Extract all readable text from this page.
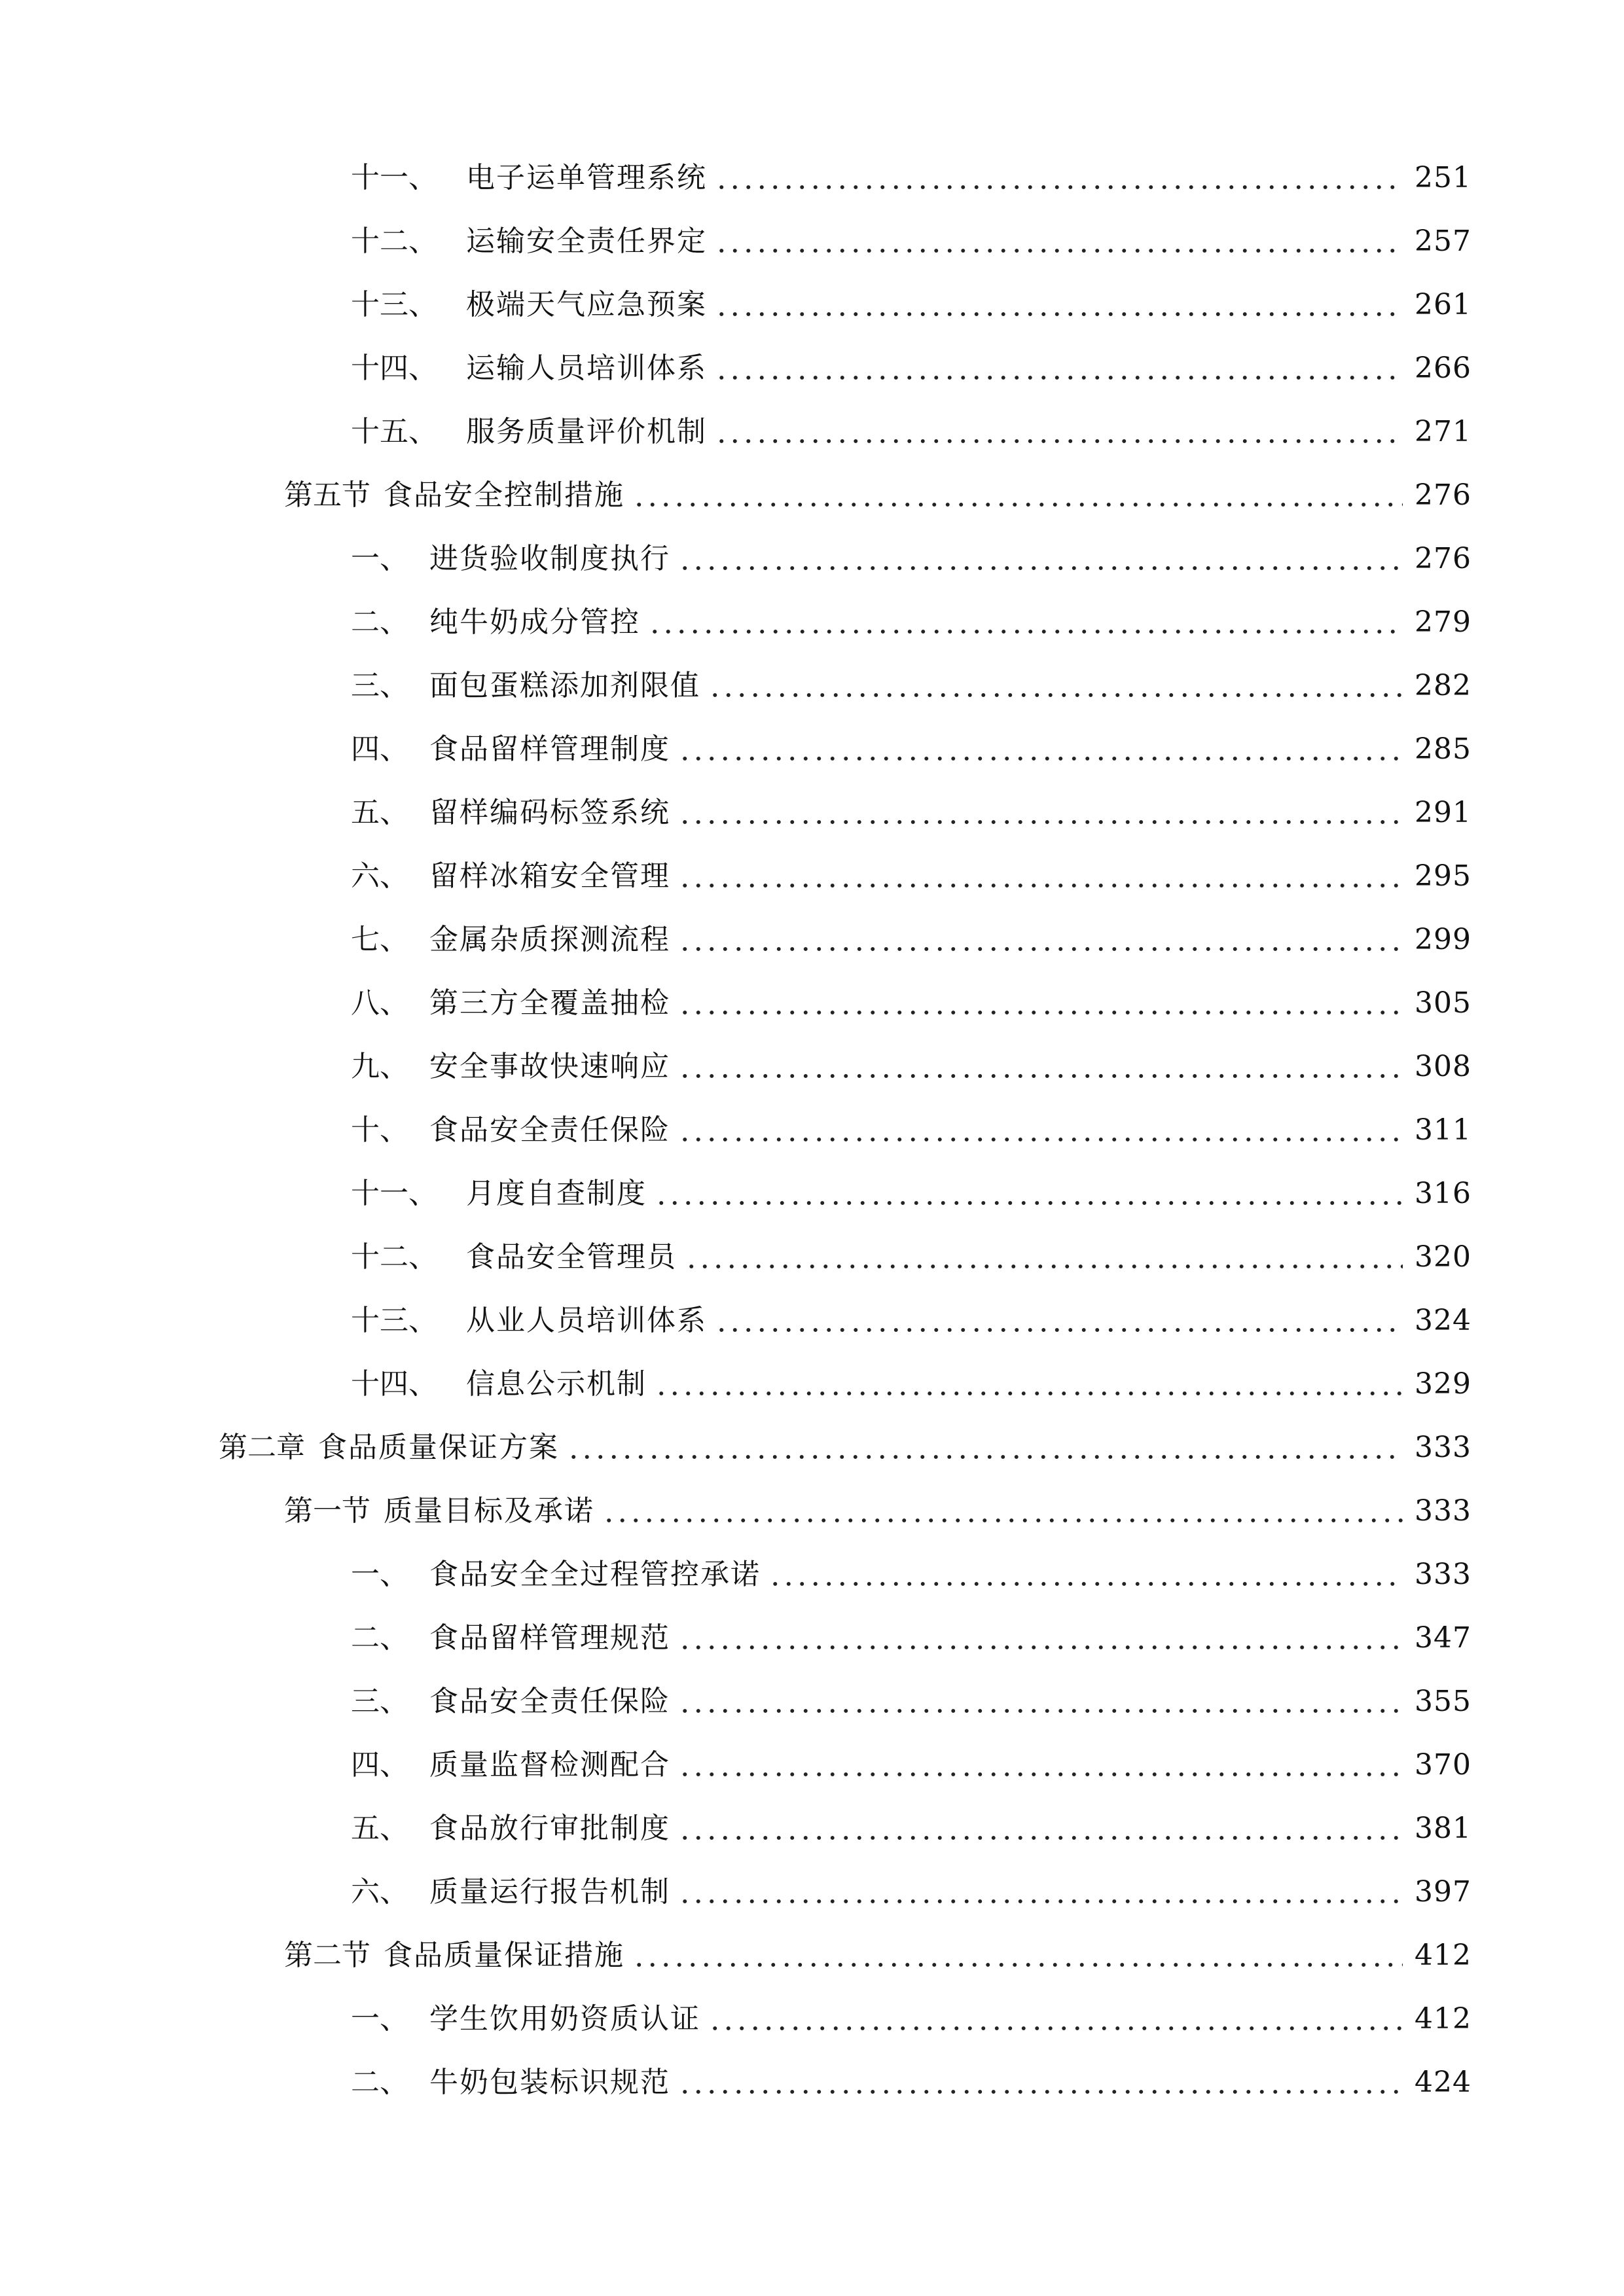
十一、	电子运单管理系统	251
十二、	运输安全责任界定	257
十三、	极端天气应急预案	261
十四、	运输人员培训体系	266
十五、	服务质量评价机制	271
第五节 食品安全控制措施	276
一、 进货验收制度执行	276
二、 纯牛奶成分管控	279
三、 面包蛋糕添加剂限值	282
四、 食品留样管理制度	285
五、 留样编码标签系统	291
六、 留样冰箱安全管理	295
七、 金属杂质探测流程	299
八、 第三方全覆盖抽检	305
九、 安全事故快速响应	308
十、 食品安全责任保险	311
十一、	月度自查制度	316
十二、	食品安全管理员	320
十三、	从业人员培训体系	324
十四、	信息公示机制	329
第二章 食品质量保证方案	333
第一节 质量目标及承诺	333
一、 食品安全全过程管控承诺	333
二、 食品留样管理规范	347
三、 食品安全责任保险	355
四、 质量监督检测配合	370
五、 食品放行审批制度	381
六、 质量运行报告机制	397
第二节 食品质量保证措施	412
一、 学生饮用奶资质认证	412
二、 牛奶包装标识规范	424
